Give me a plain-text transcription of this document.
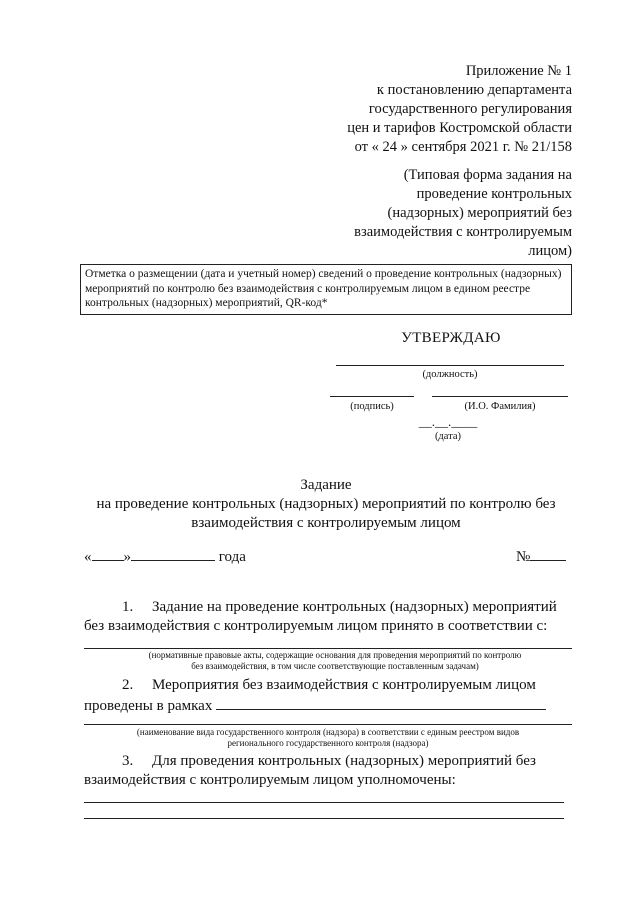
Приложение № 1
к постановлению департамента
государственного регулирования
цен и тарифов Костромской области
от « 24 » сентября 2021 г. № 21/158
(Типовая форма задания на
проведение контрольных
(надзорных) мероприятий без
взаимодействия с контролируемым
лицом)
Отметка о размещении (дата и учетный номер) сведений о проведение контрольных (надзорных) мероприятий по контролю без взаимодействия с контролируемым лицом в едином реестре контрольных (надзорных) мероприятий, QR-код*
УТВЕРЖДАЮ
(должность)
(подпись)	(И.О. Фамилия)
__.__.____
(дата)
Задание
на проведение контрольных (надзорных) мероприятий по контролю без
взаимодействия с контролируемым лицом
« »	года	№
1. Задание на проведение контрольных (надзорных) мероприятий
без взаимодействия с контролируемым лицом принято в соответствии с:
(нормативные правовые акты, содержащие основания для проведения мероприятий по контролю
без взаимодействия, в том числе соответствующие поставленным задачам)
2. Мероприятия без взаимодействия с контролируемым лицом
проведены в рамках
(наименование вида государственного контроля (надзора) в соответствии с единым реестром видов
регионального государственного контроля (надзора)
3. Для проведения контрольных (надзорных) мероприятий без
взаимодействия с контролируемым лицом уполномочены:
